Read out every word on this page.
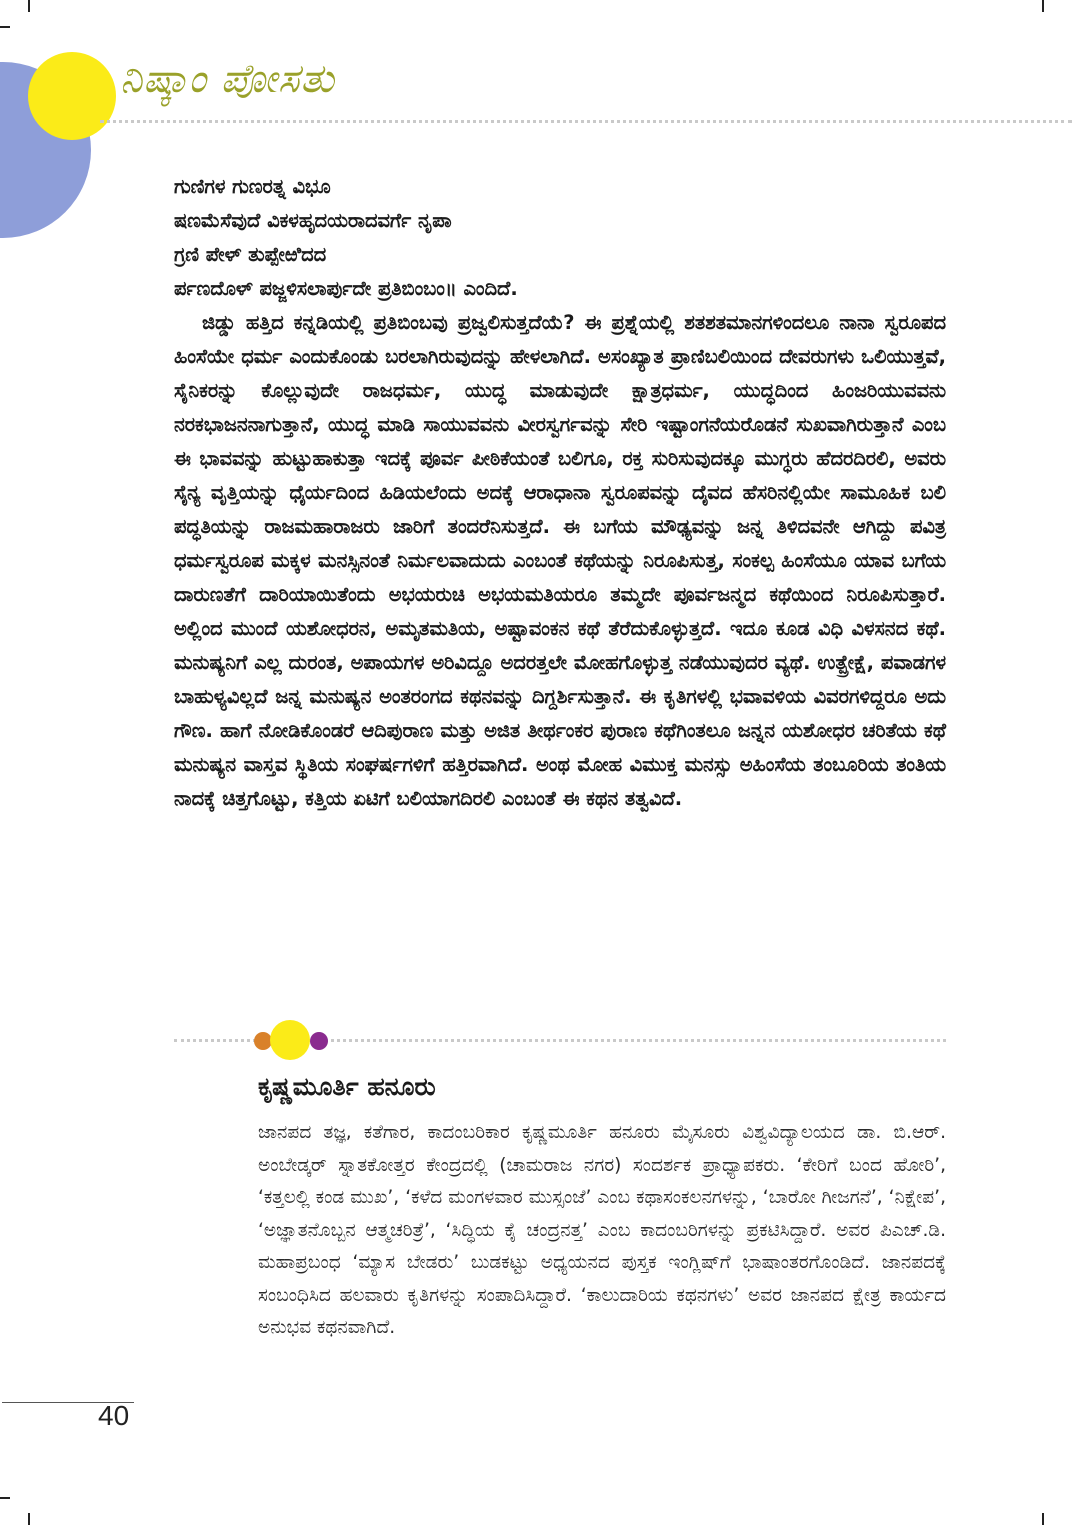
ನಿಷ್ಕಾಂ ಪೋಸತು
ಗುಣಿಗಳ ಗುಣರತ್ನ ವಿಭೂ
ಷಣಮೆಸೆವುದೆ ವಿಕಳಹೃದಯರಾದವರ್ಗೆ ನೃಪಾ
ಗ್ರಣಿ ಪೇಳ್ ತುಪ್ಪೇಱಿದದ
ರ್ಪಣದೊಳ್ ಪಜ್ಜಳಿಸಲಾರ್ಪುದೇ ಪ್ರತಿಬಿಂಬಂ॥ ಎಂದಿದೆ.

ಜಿಡ್ಡು ಹತ್ತಿದ ಕನ್ನಡಿಯಲ್ಲಿ ಪ್ರತಿಬಿಂಬವು ಪ್ರಜ್ವಲಿಸುತ್ತದೆಯೆ? ಈ ಪ್ರಶ್ನೆಯಲ್ಲಿ ಶತಶತಮಾನಗಳಿಂದಲೂ ನಾನಾ ಸ್ವರೂಪದ ಹಿಂಸೆಯೇ ಧರ್ಮ ಎಂದುಕೊಂಡು ಬರಲಾಗಿರುವುದನ್ನು ಹೇಳಲಾಗಿದೆ. ಅಸಂಖ್ಯಾತ ಪ್ರಾಣಿಬಲಿಯಿಂದ ದೇವರುಗಳು ಒಲಿಯುತ್ತವೆ, ಸೈನಿಕರನ್ನು ಕೊಲ್ಲುವುದೇ ರಾಜಧರ್ಮ, ಯುದ್ಧ ಮಾಡುವುದೇ ಕ್ಷಾತ್ರಧರ್ಮ, ಯುದ್ಧದಿಂದ ಹಿಂಜರಿಯುವವನು ನರಕಭಾಜನನಾಗುತ್ತಾನೆ, ಯುದ್ಧ ಮಾಡಿ ಸಾಯುವವನು ವೀರಸ್ವರ್ಗವನ್ನು ಸೇರಿ ಇಷ್ಟಾಂಗನೆಯರೊಡನೆ ಸುಖವಾಗಿರುತ್ತಾನೆ ಎಂಬ ಈ ಭಾವವನ್ನು ಹುಟ್ಟುಹಾಕುತ್ತಾ ಇದಕ್ಕೆ ಪೂರ್ವ ಪೀಠಿಕೆಯಂತೆ ಬಲಿಗೂ, ರಕ್ತ ಸುರಿಸುವುದಕ್ಕೂ ಮುಗ್ಧರು ಹೆದರದಿರಲಿ, ಅವರು ಸೈನ್ಯ ವೃತ್ತಿಯನ್ನು ಧೈರ್ಯದಿಂದ ಹಿಡಿಯಲೆಂದು ಅದಕ್ಕೆ ಆರಾಧಾನಾ ಸ್ವರೂಪವನ್ನು ದೈವದ ಹೆಸರಿನಲ್ಲಿಯೇ ಸಾಮೂಹಿಕ ಬಲಿ ಪದ್ಧತಿಯನ್ನು ರಾಜಮಹಾರಾಜರು ಜಾರಿಗೆ ತಂದರೆನಿಸುತ್ತದೆ. ಈ ಬಗೆಯ ಮೌಢ್ಯವನ್ನು ಜನ್ನ ತಿಳಿದವನೇ ಆಗಿದ್ದು ಪವಿತ್ರ ಧರ್ಮಸ್ವರೂಪ ಮಕ್ಕಳ ಮನಸ್ಸಿನಂತೆ ನಿರ್ಮಲವಾದುದು ಎಂಬಂತೆ ಕಥೆಯನ್ನು ನಿರೂಪಿಸುತ್ತ, ಸಂಕಲ್ಪ ಹಿಂಸೆಯೂ ಯಾವ ಬಗೆಯ ದಾರುಣತೆಗೆ ದಾರಿಯಾಯಿತೆಂದು ಅಭಯರುಚಿ ಅಭಯಮತಿಯರೂ ತಮ್ಮದೇ ಪೂರ್ವಜನ್ಮದ ಕಥೆಯಿಂದ ನಿರೂಪಿಸುತ್ತಾರೆ. ಅಲ್ಲಿಂದ ಮುಂದೆ ಯಶೋಧರನ, ಅಮೃತಮತಿಯ, ಅಷ್ಟಾವಂಕನ ಕಥೆ ತೆರೆದುಕೊಳ್ಳುತ್ತದೆ. ಇದೂ ಕೂಡ ವಿಧಿ ವಿಳಸನದ ಕಥೆ. ಮನುಷ್ಯನಿಗೆ ಎಲ್ಲ ದುರಂತ, ಅಪಾಯಗಳ ಅರಿವಿದ್ದೂ ಅದರತ್ತಲೇ ಮೋಹಗೊಳ್ಳುತ್ತ ನಡೆಯುವುದರ ವ್ಯಥೆ. ಉತ್ಪ್ರೇಕ್ಷೆ, ಪವಾಡಗಳ ಬಾಹುಳ್ಯವಿಲ್ಲದೆ ಜನ್ನ ಮನುಷ್ಯನ ಅಂತರಂಗದ ಕಥನವನ್ನು ದಿಗ್ದರ್ಶಿಸುತ್ತಾನೆ. ಈ ಕೃತಿಗಳಲ್ಲಿ ಭವಾವಳಿಯ ವಿವರಗಳಿದ್ದರೂ ಅದು ಗೌಣ. ಹಾಗೆ ನೋಡಿಕೊಂಡರೆ ಆದಿಪುರಾಣ ಮತ್ತು ಅಜಿತ ತೀರ್ಥಂಕರ ಪುರಾಣ ಕಥೆಗಿಂತಲೂ ಜನ್ನನ ಯಶೋಧರ ಚರಿತೆಯ ಕಥೆ ಮನುಷ್ಯನ ವಾಸ್ತವ ಸ್ಥಿತಿಯ ಸಂಘರ್ಷಗಳಿಗೆ ಹತ್ತಿರವಾಗಿದೆ. ಅಂಥ ಮೋಹ ವಿಮುಕ್ತ ಮನಸ್ಸು ಅಹಿಂಸೆಯ ತಂಬೂರಿಯ ತಂತಿಯ ನಾದಕ್ಕೆ ಚಿತ್ತಗೊಟ್ಟು, ಕತ್ತಿಯ ಏಟಿಗೆ ಬಲಿಯಾಗದಿರಲಿ ಎಂಬಂತೆ ಈ ಕಥನ ತತ್ವವಿದೆ.

ಕೃಷ್ಣಮೂರ್ತಿ ಹನೂರು

ಜಾನಪದ ತಜ್ಞ, ಕತೆಗಾರ, ಕಾದಂಬರಿಕಾರ ಕೃಷ್ಣಮೂರ್ತಿ ಹನೂರು ಮೈಸೂರು ವಿಶ್ವವಿದ್ಯಾಲಯದ ಡಾ. ಬಿ.ಆರ್. ಅಂಬೇಡ್ಕರ್ ಸ್ನಾತಕೋತ್ತರ ಕೇಂದ್ರದಲ್ಲಿ (ಚಾಮರಾಜ ನಗರ) ಸಂದರ್ಶಕ ಪ್ರಾಧ್ಯಾಪಕರು. ‘ಕೇರಿಗೆ ಬಂದ ಹೋರಿ’, ‘ಕತ್ತಲಲ್ಲಿ ಕಂಡ ಮುಖ’, ‘ಕಳೆದ ಮಂಗಳವಾರ ಮುಸ್ಸಂಜೆ’ ಎಂಬ ಕಥಾಸಂಕಲನಗಳನ್ನು, ‘ಬಾರೋ ಗೀಜಗನೆ’, ‘ನಿಕ್ಷೇಪ’, ‘ಅಜ್ಞಾತನೊಬ್ಬನ ಆತ್ಮಚರಿತ್ರೆ’, ‘ಸಿದ್ಧಿಯ ಕೈ ಚಂದ್ರನತ್ತ’ ಎಂಬ ಕಾದಂಬರಿಗಳನ್ನು ಪ್ರಕಟಿಸಿದ್ದಾರೆ. ಅವರ ಪಿಎಚ್.ಡಿ. ಮಹಾಪ್ರಬಂಧ ‘ಮ್ಯಾಸ ಬೇಡರು’ ಬುಡಕಟ್ಟು ಅಧ್ಯಯನದ ಪುಸ್ತಕ ಇಂಗ್ಲಿಷ್‌ಗೆ ಭಾಷಾಂತರಗೊಂಡಿದೆ. ಜಾನಪದಕ್ಕೆ ಸಂಬಂಧಿಸಿದ ಹಲವಾರು ಕೃತಿಗಳನ್ನು ಸಂಪಾದಿಸಿದ್ದಾರೆ. ‘ಕಾಲುದಾರಿಯ ಕಥನಗಳು’ ಅವರ ಜಾನಪದ ಕ್ಷೇತ್ರ ಕಾರ್ಯದ ಅನುಭವ ಕಥನವಾಗಿದೆ.

40
